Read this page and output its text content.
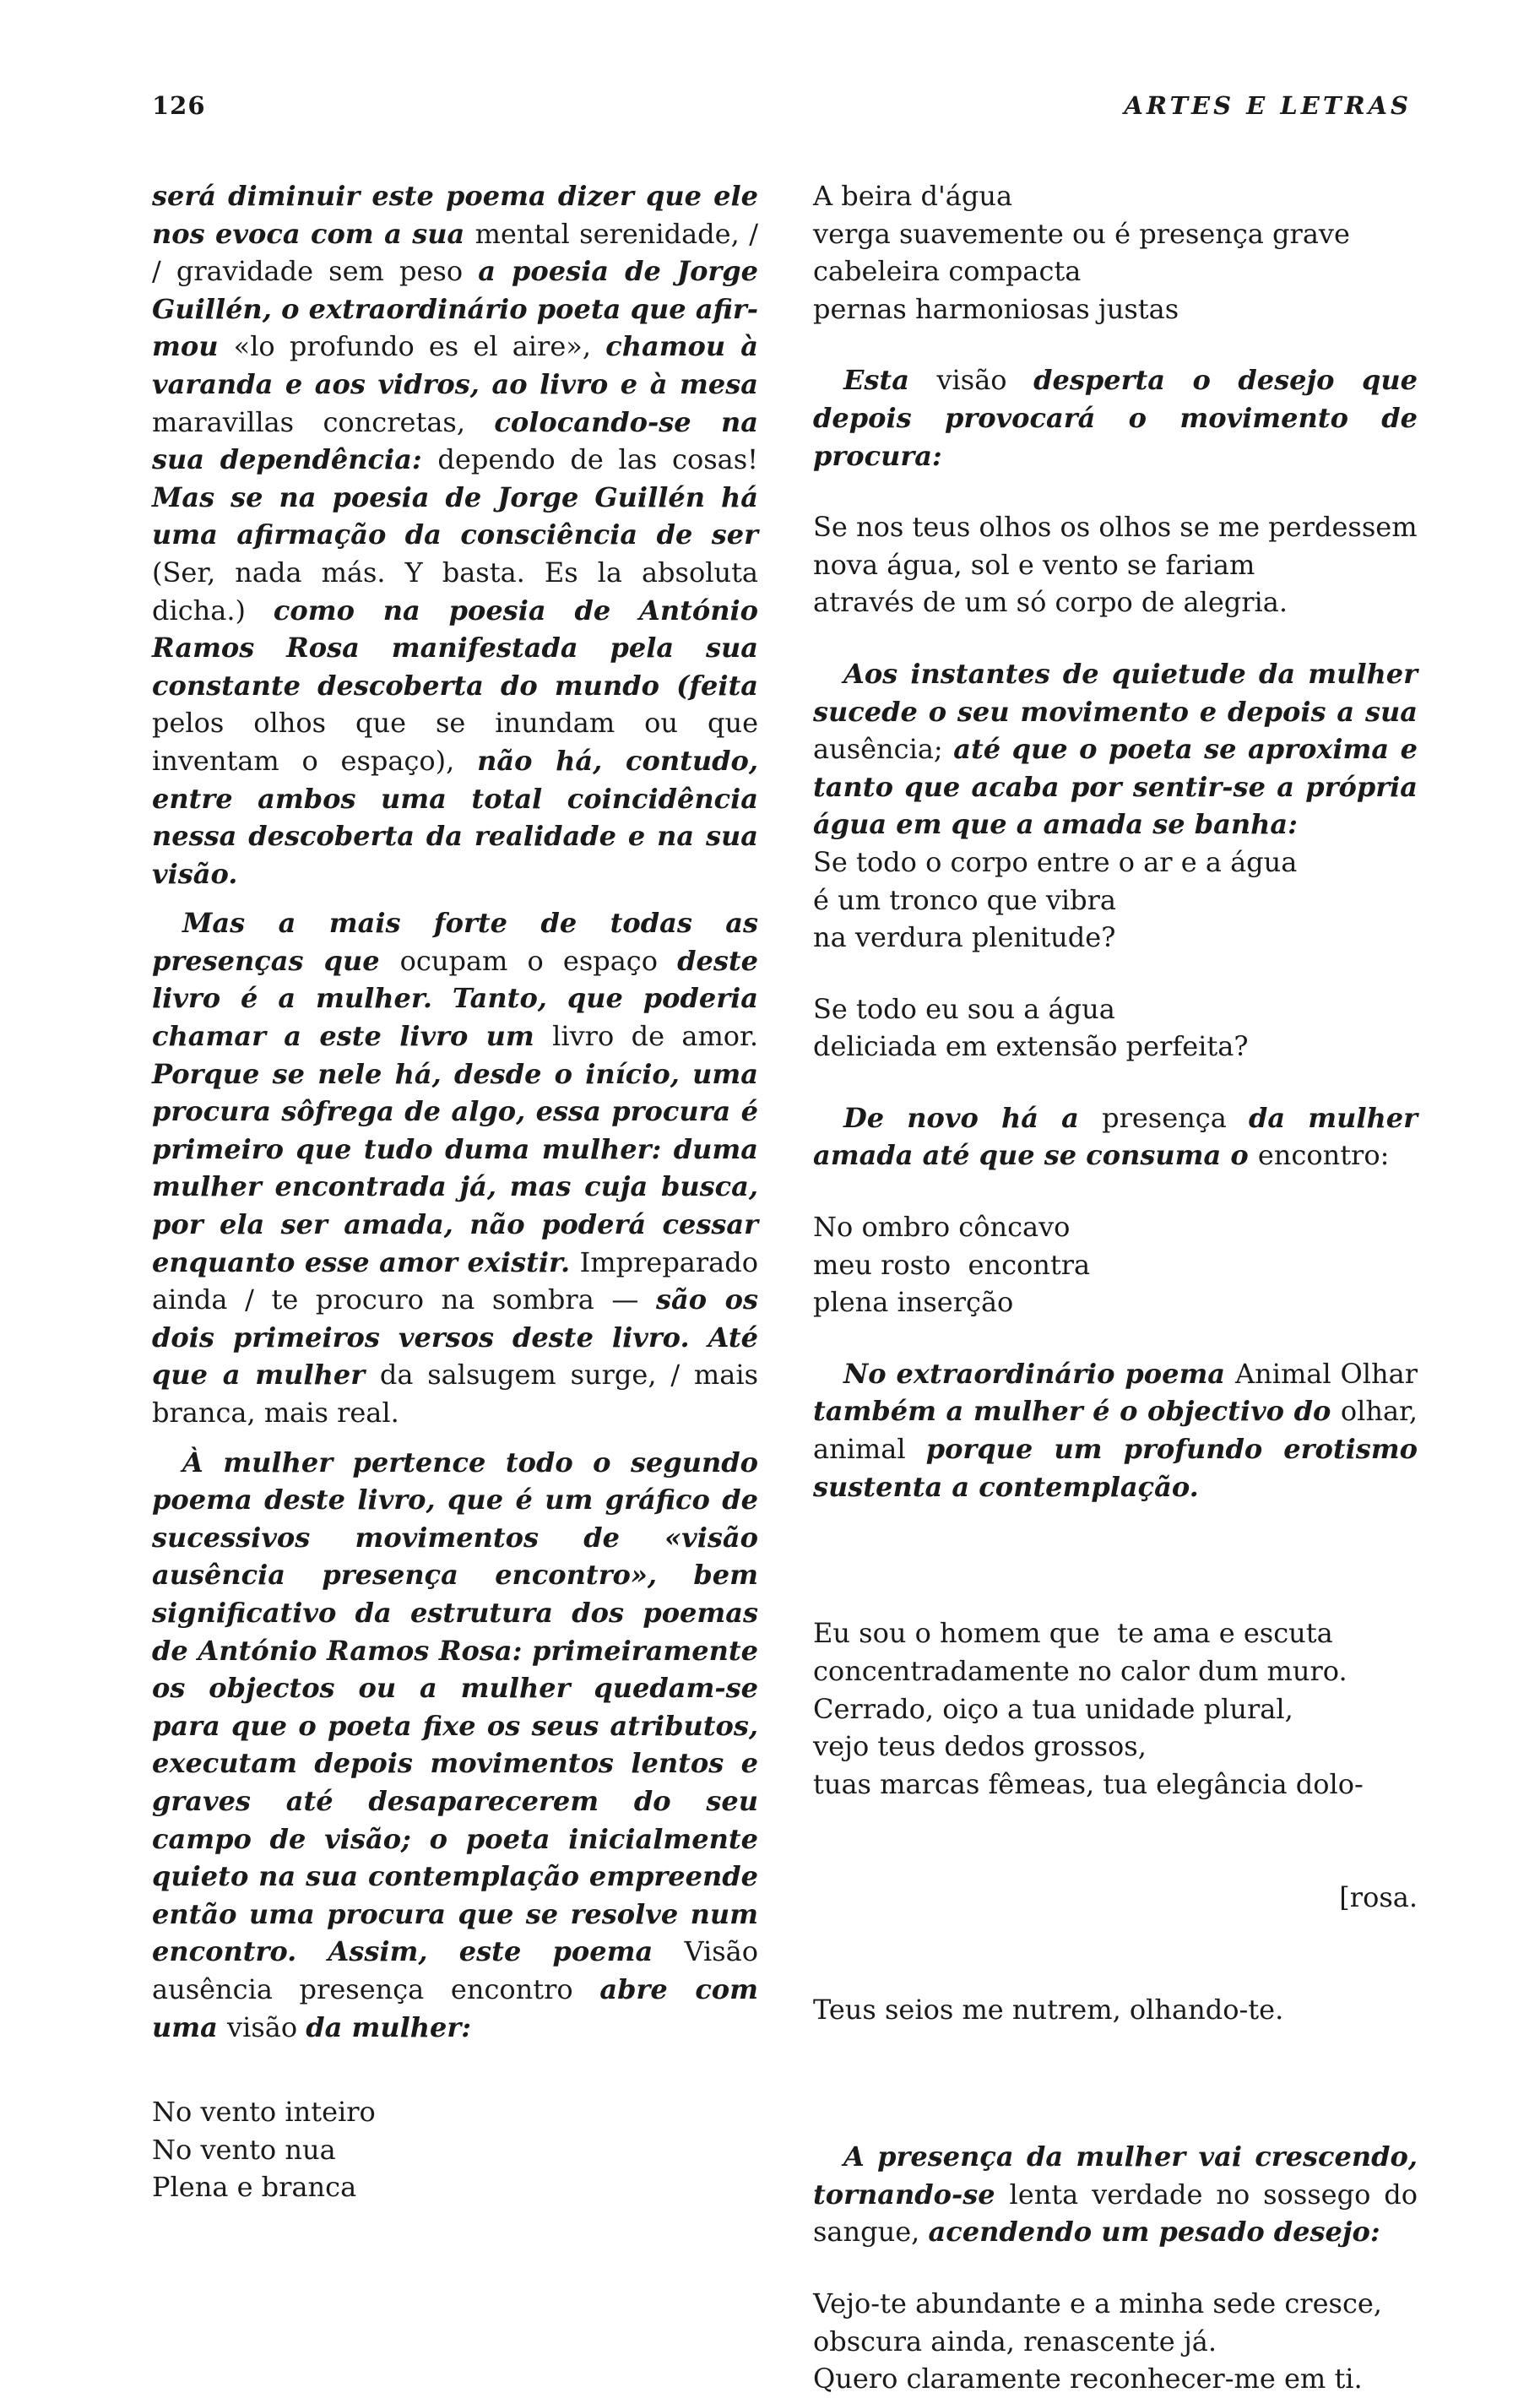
126	ARTES E LETRAS

será diminuir este poema dizer que ele nos evoca com a sua mental serenidade, / / gravidade sem peso a poesia de Jorge Guillén, o extraordinário poeta que afirmou «lo profundo es el aire», chamou à varanda e aos vidros, ao livro e à mesa maravillas concretas, colocando-se na sua dependência: dependo de las cosas! Mas se na poesia de Jorge Guillén há uma afirmação da consciência de ser (Ser, nada más. Y basta. Es la absoluta dicha.) como na poesia de António Ramos Rosa manifestada pela sua constante descoberta do mundo (feita pelos olhos que se inundam ou que inventam o espaço), não há, contudo, entre ambos uma total coincidência nessa descoberta da realidade e na sua visão.

Mas a mais forte de todas as presenças que ocupam o espaço deste livro é a mulher. Tanto, que poderia chamar a este livro um livro de amor. Porque se nele há, desde o início, uma procura sôfrega de algo, essa procura é primeiro que tudo duma mulher: duma mulher encontrada já, mas cuja busca, por ela ser amada, não poderá cessar enquanto esse amor existir. Impreparado ainda / te procuro na sombra — são os dois primeiros versos deste livro. Até que a mulher da salsugem surge, / mais branca, mais real.

À mulher pertence todo o segundo poema deste livro, que é um gráfico de sucessivos movimentos de «visão ausência presença encontro», bem significativo da estrutura dos poemas de António Ramos Rosa: primeiramente os objectos ou a mulher quedam-se para que o poeta fixe os seus atributos, executam depois movimentos lentos e graves até desaparecerem do seu campo de visão; o poeta inicialmente quieto na sua contemplação empreende então uma procura que se resolve num encontro. Assim, este poema Visão ausência presença encontro abre com uma visão da mulher:

No vento inteiro
No vento nua
Plena e branca
A beira d'água
verga suavemente ou é presença grave
cabeleira compacta
pernas harmoniosas justas

Esta visão desperta o desejo que depois provocará o movimento de procura:

Se nos teus olhos os olhos se me perdessem
nova água, sol e vento se fariam
através de um só corpo de alegria.

Aos instantes de quietude da mulher sucede o seu movimento e depois a sua ausência; até que o poeta se aproxima e tanto que acaba por sentir-se a própria água em que a amada se banha:

Se todo o corpo entre o ar e a água
é um tronco que vibra
na verdura plenitude?
Se todo eu sou a água
deliciada em extensão perfeita?

De novo há a presença da mulher amada até que se consuma o encontro:

No ombro côncavo
meu rosto  encontra
plena inserção

No extraordinário poema Animal Olhar também a mulher é o objectivo do olhar, animal porque um profundo erotismo sustenta a contemplação.

Eu sou o homem que  te ama e escuta
concentradamente no calor dum muro.
Cerrado, oiço a tua unidade plural,
vejo teus dedos grossos,
tuas marcas fêmeas, tua elegância dolo-

[rosa.

Teus seios me nutrem, olhando-te.

A presença da mulher vai crescendo, tornando-se lenta verdade no sossego do sangue, acendendo um pesado desejo:

Vejo-te abundante e a minha sede cresce,
obscura ainda, renascente já.
Quero claramente reconhecer-me em ti.
